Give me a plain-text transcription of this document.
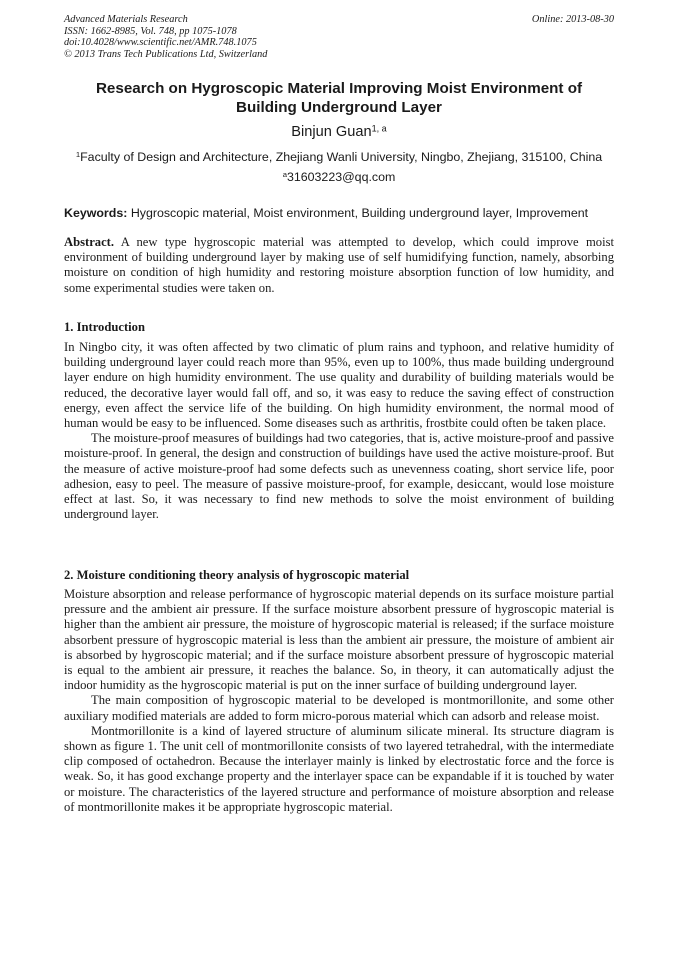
Advanced Materials Research
ISSN: 1662-8985, Vol. 748, pp 1075-1078
doi:10.4028/www.scientific.net/AMR.748.1075
© 2013 Trans Tech Publications Ltd, Switzerland
Online: 2013-08-30
Research on Hygroscopic Material Improving Moist Environment of Building Underground Layer
Binjun Guan$^{1, a}$
$^1$Faculty of Design and Architecture, Zhejiang Wanli University, Ningbo, Zhejiang, 315100, China
$^a$31603223@qq.com
Keywords: Hygroscopic material, Moist environment, Building underground layer, Improvement

Abstract. A new type hygroscopic material was attempted to develop, which could improve moist environment of building underground layer by making use of self humidifying function, namely, absorbing moisture on condition of high humidity and restoring moisture absorption function of low humidity, and some experimental studies were taken on.

1. Introduction

In Ningbo city, it was often affected by two climatic of plum rains and typhoon, and relative humidity of building underground layer could reach more than 95%, even up to 100%, thus made building underground layer endure on high humidity environment. The use quality and durability of building materials would be reduced, the decorative layer would fall off, and so, it was easy to reduce the saving effect of construction energy, even affect the service life of the building. On high humidity environment, the normal mood of human would be easy to be influenced. Some diseases such as arthritis, frostbite could often be taken place.

The moisture-proof measures of buildings had two categories, that is, active moisture-proof and passive moisture-proof. In general, the design and construction of buildings have used the active moisture-proof. But the measure of active moisture-proof had some defects such as unevenness coating, short service life, poor adhesion, easy to peel. The measure of passive moisture-proof, for example, desiccant, would lose moisture effect at last. So, it was necessary to find new methods to solve the moist environment of building underground layer.

2. Moisture conditioning theory analysis of hygroscopic material

Moisture absorption and release performance of hygroscopic material depends on its surface moisture partial pressure and the ambient air pressure. If the surface moisture absorbent pressure of hygroscopic material is higher than the ambient air pressure, the moisture of hygroscopic material is released; if the surface moisture absorbent pressure of hygroscopic material is less than the ambient air pressure, the moisture of ambient air is absorbed by hygroscopic material; and if the surface moisture absorbent pressure of hygroscopic material is equal to the ambient air pressure, it reaches the balance. So, in theory, it can automatically adjust the indoor humidity as the hygroscopic material is put on the inner surface of building underground layer.

The main composition of hygroscopic material to be developed is montmorillonite, and some other auxiliary modified materials are added to form micro-porous material which can adsorb and release moist.

Montmorillonite is a kind of layered structure of aluminum silicate mineral. Its structure diagram is shown as figure 1. The unit cell of montmorillonite consists of two layered tetrahedral, with the intermediate clip composed of octahedron. Because the interlayer mainly is linked by electrostatic force and the force is weak. So, it has good exchange property and the interlayer space can be expandable if it is touched by water or moisture. The characteristics of the layered structure and performance of moisture absorption and release of montmorillonite makes it be appropriate hygroscopic material.
